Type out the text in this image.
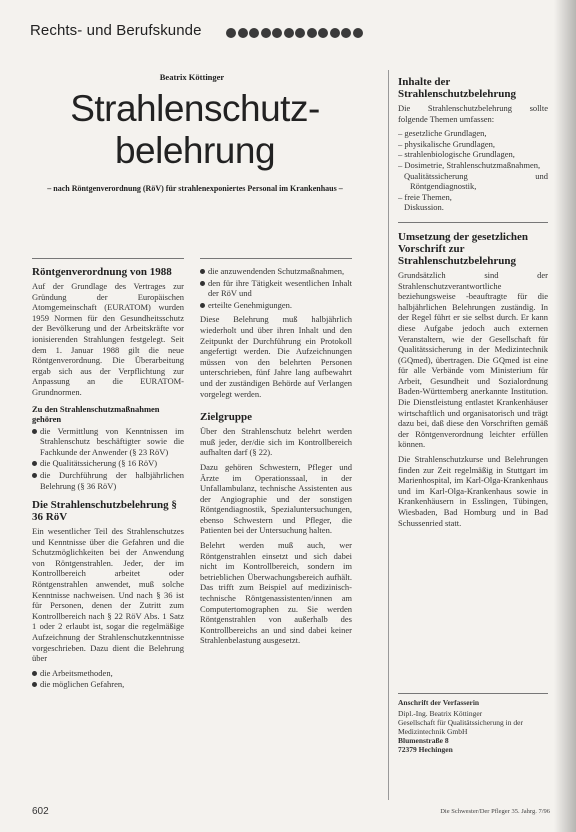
Rechts- und Berufskunde
Beatrix Köttinger
Strahlenschutz-
belehrung
– nach Röntgenverordnung (RöV) für strahlenexponiertes Personal im Krankenhaus –
Röntgenverordnung von 1988

Auf der Grundlage des Vertrages zur Gründung der Europäischen Atomgemeinschaft (EURATOM) wurden 1959 Normen für den Gesundheitsschutz der Bevölkerung und der Arbeitskräfte vor ionisierenden Strahlungen festgelegt. Seit dem 1. Januar 1988 gilt die neue Röntgenverordnung. Die Überarbeitung ergab sich aus der Verpflichtung zur Anpassung an die EURATOM-Grundnormen.

Zu den Strahlenschutzmaßnahmen gehören
die Vermittlung von Kenntnissen im Strahlenschutz beschäftigter sowie die Fachkunde der Anwender (§ 23 RöV)
die Qualitätssicherung (§ 16 RöV)
die Durchführung der halbjährlichen Belehrung (§ 36 RöV)
Die Strahlenschutzbelehrung § 36 RöV

Ein wesentlicher Teil des Strahlenschutzes und Kenntnisse über die Gefahren und die Schutzmöglichkeiten bei der Anwendung von Röntgenstrahlen. Jeder, der im Kontrollbereich arbeitet oder Röntgenstrahlen anwendet, muß solche Kenntnisse nachweisen. Und nach § 36 ist für Personen, denen der Zutritt zum Kontrollbereich nach § 22 RöV Abs. 1 Satz 1 oder 2 erlaubt ist, sogar die regelmäßige Aufzeichnung der Strahlenschutzkenntnisse vorgeschrieben. Dazu dient die Belehrung über

die Arbeitsmethoden,
die möglichen Gefahren,
die anzuwendenden Schutzmaßnahmen,
den für ihre Tätigkeit wesentlichen Inhalt der RöV und
erteilte Genehmigungen.

Diese Belehrung muß halbjährlich wiederholt und über ihren Inhalt und den Zeitpunkt der Durchführung ein Protokoll angefertigt werden. Die Aufzeichnungen müssen von den belehrten Personen unterschrieben, fünf Jahre lang aufbewahrt und der zuständigen Behörde auf Verlangen vorgelegt werden.

Zielgruppe

Über den Strahlenschutz belehrt werden muß jeder, der/die sich im Kontrollbereich aufhalten darf (§ 22).

Dazu gehören Schwestern, Pfleger und Ärzte im Operationssaal, in der Unfallambulanz, technische Assistenten aus der Angiographie und der sonstigen Röntgendiagnostik, Spezialuntersuchungen, ebenso Schwestern und Pfleger, die Patienten bei der Untersuchung halten.

Belehrt werden muß auch, wer Röntgenstrahlen einsetzt und sich dabei nicht im Kontrollbereich, sondern im betrieblichen Überwachungsbereich aufhält. Das trifft zum Beispiel auf medizinisch-technische Röntgenassistenten/innen am Computertomographen zu. Sie werden Röntgenstrahlen von außerhalb des Kontrollbereichs an und sind dabei keiner Strahlenbelastung ausgesetzt.

Inhalte der Strahlenschutzbelehrung

Die Strahlenschutzbelehrung sollte folgende Themen umfassen:

– gesetzliche Grundlagen,

– physikalische Grundlagen,

– strahlenbiologische Grundlagen,

– Dosimetrie, Strahlenschutzmaßnahmen,

Qualitätssicherung und Röntgendiagnostik,

– freie Themen,

Diskussion.

Umsetzung der gesetzlichen Vorschrift zur Strahlenschutzbelehrung

Grundsätzlich sind der Strahlenschutzverantwortliche beziehungsweise -beauftragte für die halbjährlichen Belehrungen zuständig. In der Regel führt er sie selbst durch. Er kann diese Aufgabe jedoch auch externen Veranstaltern, wie der Gesellschaft für Qualitätssicherung in der Medizintechnik (GQmed), übertragen. Die GQmed ist eine für alle Verbände vom Ministerium für Arbeit, Gesundheit und Sozialordnung Baden-Württemberg anerkannte Institution. Die Dienstleistung entlastet Krankenhäuser wirtschaftlich und organisatorisch und trägt dazu bei, daß diese den Vorschriften gemäß der Röntgenverordnung leichter erfüllen können.

Die Strahlenschutzkurse und Belehrungen finden zur Zeit regelmäßig in Stuttgart im Marienhospital, im Karl-Olga-Krankenhaus und im Karl-Olga-Krankenhaus sowie in Krankenhäusern in Esslingen, Tübingen, Wiesbaden, Bad Homburg und in Bad Schussenried statt.

Anschrift der Verfasserin
Dipl.-Ing. Beatrix Köttinger
Gesellschaft für Qualitätssicherung in der Medizintechnik GmbH
Blumenstraße 8
72379 Hechingen
602	Die Schwester/Der Pfleger 35. Jahrg. 7/96
